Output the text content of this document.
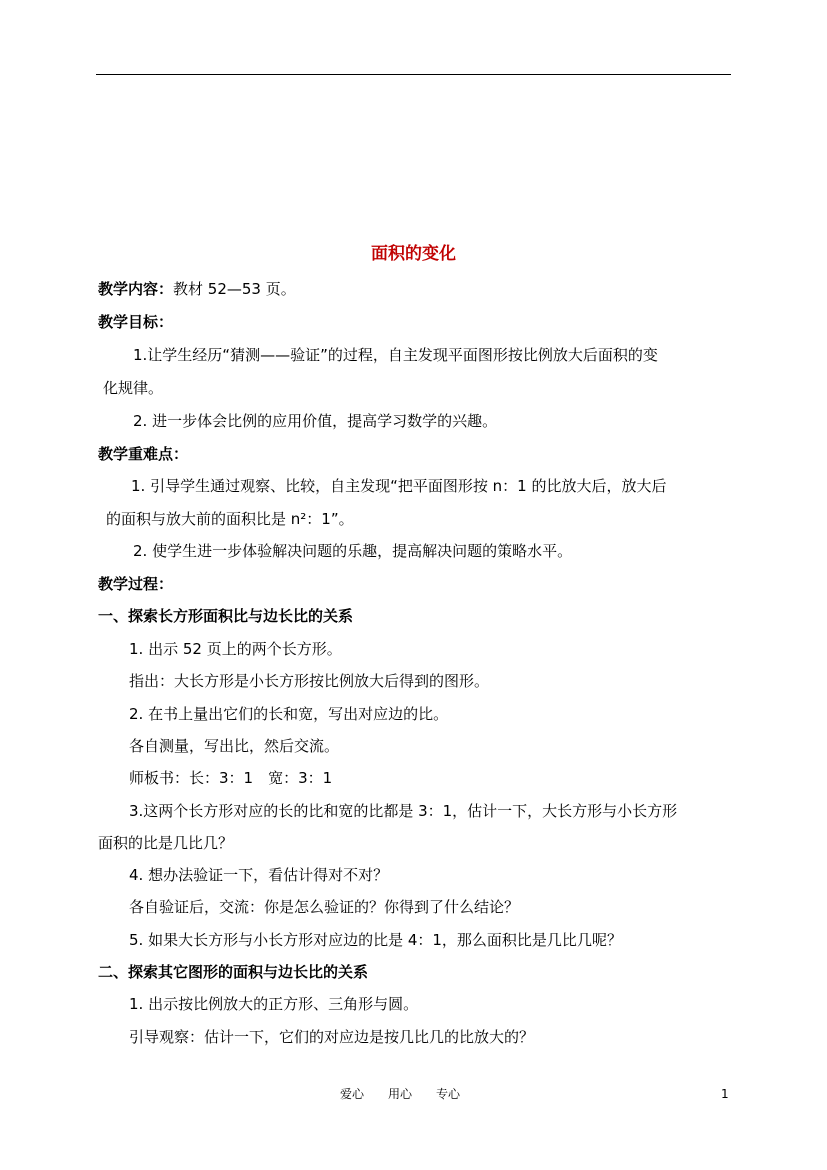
面积的变化
教学内容：教材 52—53 页。
教学目标：
1.让学生经历“猜测——验证”的过程，自主发现平面图形按比例放大后面积的变
化规律。
2. 进一步体会比例的应用价值，提高学习数学的兴趣。
教学重难点：
1. 引导学生通过观察、比较，自主发现“把平面图形按 n：1 的比放大后，放大后
的面积与放大前的面积比是 n²：1”。
2. 使学生进一步体验解决问题的乐趣，提高解决问题的策略水平。
教学过程：
一、探索长方形面积比与边长比的关系
1. 出示 52 页上的两个长方形。
指出：大长方形是小长方形按比例放大后得到的图形。
2. 在书上量出它们的长和宽，写出对应边的比。
各自测量，写出比，然后交流。
师板书：长：3：1　宽：3：1
3.这两个长方形对应的长的比和宽的比都是 3：1，估计一下，大长方形与小长方形
面积的比是几比几？
4. 想办法验证一下，看估计得对不对？
各自验证后，交流：你是怎么验证的？你得到了什么结论？
5. 如果大长方形与小长方形对应边的比是 4：1，那么面积比是几比几呢？
二、探索其它图形的面积与边长比的关系
1. 出示按比例放大的正方形、三角形与圆。
引导观察：估计一下，它们的对应边是按几比几的比放大的？
爱心　　用心　　专心	1
